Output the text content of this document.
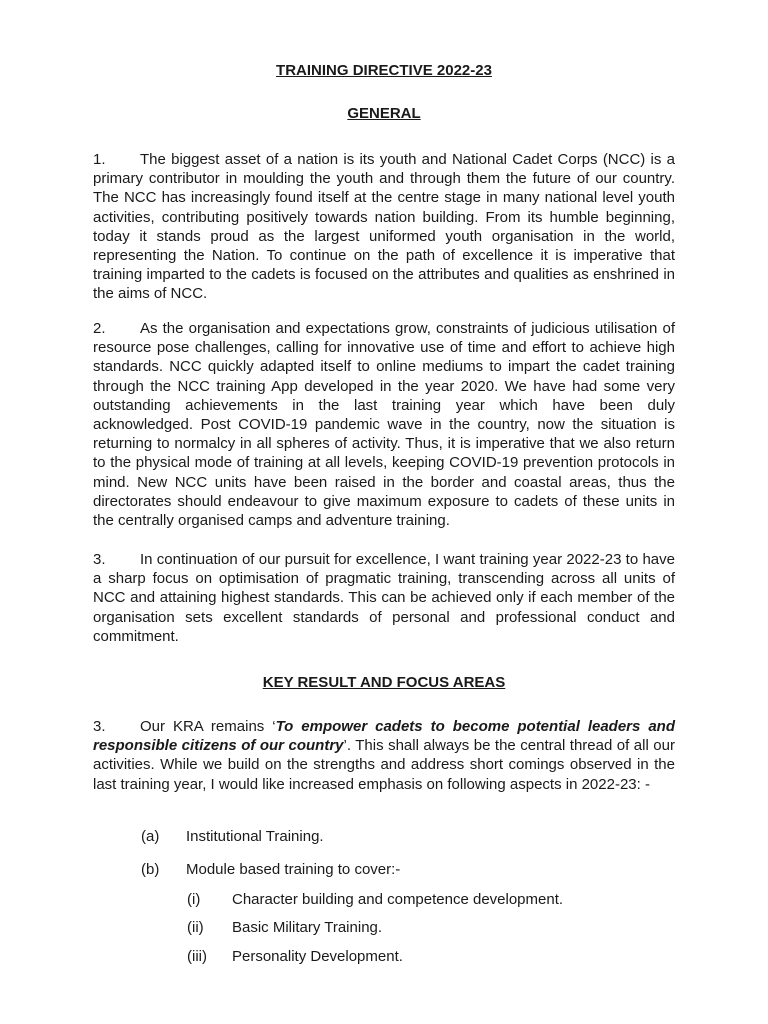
TRAINING DIRECTIVE 2022-23
GENERAL

1. The biggest asset of a nation is its youth and National Cadet Corps (NCC) is a primary contributor in moulding the youth and through them the future of our country. The NCC has increasingly found itself at the centre stage in many national level youth activities, contributing positively towards nation building. From its humble beginning, today it stands proud as the largest uniformed youth organisation in the world, representing the Nation. To continue on the path of excellence it is imperative that training imparted to the cadets is focused on the attributes and qualities as enshrined in the aims of NCC.

2. As the organisation and expectations grow, constraints of judicious utilisation of resource pose challenges, calling for innovative use of time and effort to achieve high standards. NCC quickly adapted itself to online mediums to impart the cadet training through the NCC training App developed in the year 2020. We have had some very outstanding achievements in the last training year which have been duly acknowledged. Post COVID-19 pandemic wave in the country, now the situation is returning to normalcy in all spheres of activity. Thus, it is imperative that we also return to the physical mode of training at all levels, keeping COVID-19 prevention protocols in mind. New NCC units have been raised in the border and coastal areas, thus the directorates should endeavour to give maximum exposure to cadets of these units in the centrally organised camps and adventure training.

3. In continuation of our pursuit for excellence, I want training year 2022-23 to have a sharp focus on optimisation of pragmatic training, transcending across all units of NCC and attaining highest standards. This can be achieved only if each member of the organisation sets excellent standards of personal and professional conduct and commitment.

KEY RESULT AND FOCUS AREAS

3. Our KRA remains ‘To empower cadets to become potential leaders and responsible citizens of our country’. This shall always be the central thread of all our activities. While we build on the strengths and address short comings observed in the last training year, I would like increased emphasis on following aspects in 2022-23: -

(a) Institutional Training.
(b) Module based training to cover:-
(i) Character building and competence development.
(ii) Basic Military Training.
(iii) Personality Development.
